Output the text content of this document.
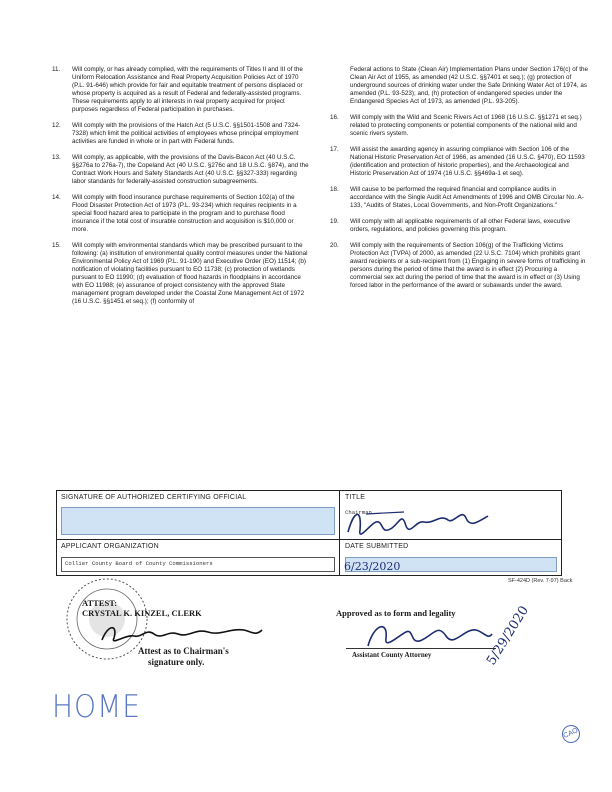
11. Will comply, or has already complied, with the requirements of Titles II and III of the Uniform Relocation Assistance and Real Property Acquisition Policies Act of 1970 (P.L. 91-646) which provide for fair and equitable treatment of persons displaced or whose property is acquired as a result of Federal and federally-assisted programs. These requirements apply to all interests in real property acquired for project purposes regardless of Federal participation in purchases.
12. Will comply with the provisions of the Hatch Act (5 U.S.C. §§1501-1508 and 7324-7328) which limit the political activities of employees whose principal employment activities are funded in whole or in part with Federal funds.
13. Will comply, as applicable, with the provisions of the Davis-Bacon Act (40 U.S.C. §§276a to 276a-7), the Copeland Act (40 U.S.C. §276c and 18 U.S.C. §874), and the Contract Work Hours and Safety Standards Act (40 U.S.C. §§327-333) regarding labor standards for federally-assisted construction subagreements.
14. Will comply with flood insurance purchase requirements of Section 102(a) of the Flood Disaster Protection Act of 1973 (P.L. 93-234) which requires recipients in a special flood hazard area to participate in the program and to purchase flood insurance if the total cost of insurable construction and acquisition is $10,000 or more.
15. Will comply with environmental standards which may be prescribed pursuant to the following: (a) institution of environmental quality control measures under the National Environmental Policy Act of 1969 (P.L. 91-190) and Executive Order (EO) 11514; (b) notification of violating facilities pursuant to EO 11738; (c) protection of wetlands pursuant to EO 11990; (d) evaluation of flood hazards in floodplains in accordance with EO 11988; (e) assurance of project consistency with the approved State management program developed under the Coastal Zone Management Act of 1972 (16 U.S.C. §§1451 et seq.); (f) conformity of
Federal actions to State (Clean Air) Implementation Plans under Section 176(c) of the Clean Air Act of 1955, as amended (42 U.S.C. §§7401 et seq.); (g) protection of underground sources of drinking water under the Safe Drinking Water Act of 1974, as amended (P.L. 93-523); and, (h) protection of endangered species under the Endangered Species Act of 1973, as amended (P.L. 93-205).
16. Will comply with the Wild and Scenic Rivers Act of 1968 (16 U.S.C. §§1271 et seq.) related to protecting components or potential components of the national wild and scenic rivers system.
17. Will assist the awarding agency in assuring compliance with Section 106 of the National Historic Preservation Act of 1966, as amended (16 U.S.C. §470), EO 11593 (identification and protection of historic properties), and the Archaeological and Historic Preservation Act of 1974 (16 U.S.C. §§469a-1 et seq).
18. Will cause to be performed the required financial and compliance audits in accordance with the Single Audit Act Amendments of 1996 and OMB Circular No. A-133, "Audits of States, Local Governments, and Non-Profit Organizations."
19. Will comply with all applicable requirements of all other Federal laws, executive orders, regulations, and policies governing this program.
20. Will comply with the requirements of Section 106(g) of the Trafficking Victims Protection Act (TVPA) of 2000, as amended (22 U.S.C. 7104) which prohibits grant award recipients or a sub-recipient from (1) Engaging in severe forms of trafficking in persons during the period of time that the award is in effect (2) Procuring a commercial sex act during the period of time that the award is in effect or (3) Using forced labor in the performance of the award or subawards under the award.
SIGNATURE OF AUTHORIZED CERTIFYING OFFICIAL	TITLE
Chairman
APPLICANT ORGANIZATION	DATE SUBMITTED
Collier County Board of County Commissioners	6/23/2020
SF-424D (Rev. 7-97) Back
ATTEST:
CRYSTAL K. KINZEL, CLERK
Attest as to Chairman's
signature only.
Approved as to form and legality
Assistant County Attorney	5/29/2020
HOME
CAO
